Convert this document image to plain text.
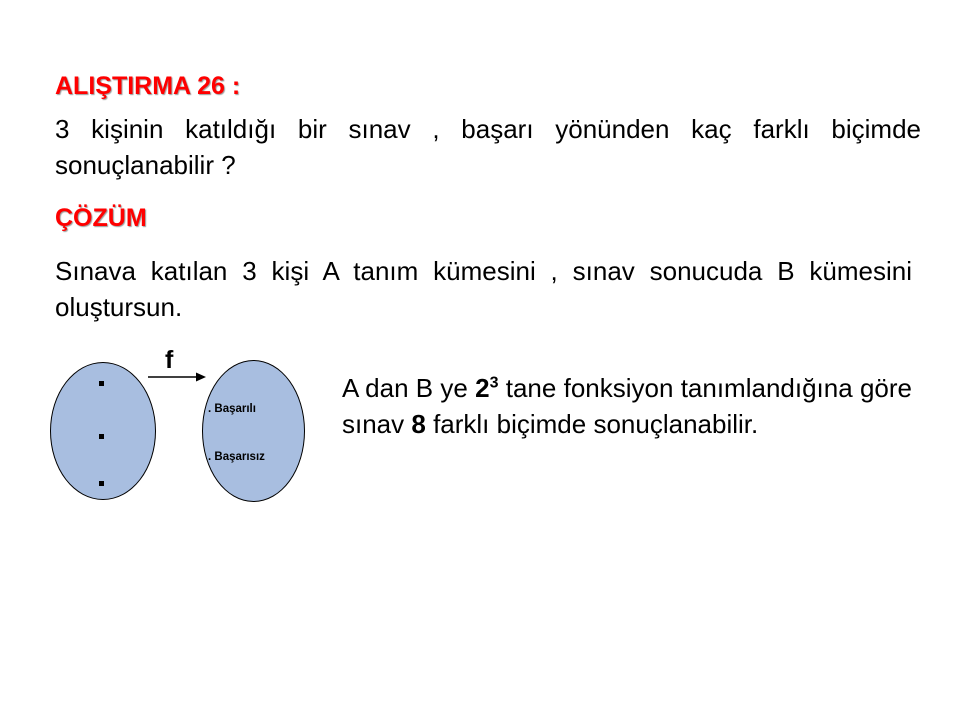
ALIŞTIRMA 26 :
3 kişinin katıldığı bir sınav , başarı yönünden kaç farklı biçimde sonuçlanabilir ?
ÇÖZÜM
Sınava katılan 3 kişi A tanım kümesini , sınav sonucuda B kümesini oluştursun.
. Başarılı
. Başarısız
f
A dan B ye $2^3$ tane fonksiyon tanımlandığına göre sınav 8 farklı biçimde sonuçlanabilir.
